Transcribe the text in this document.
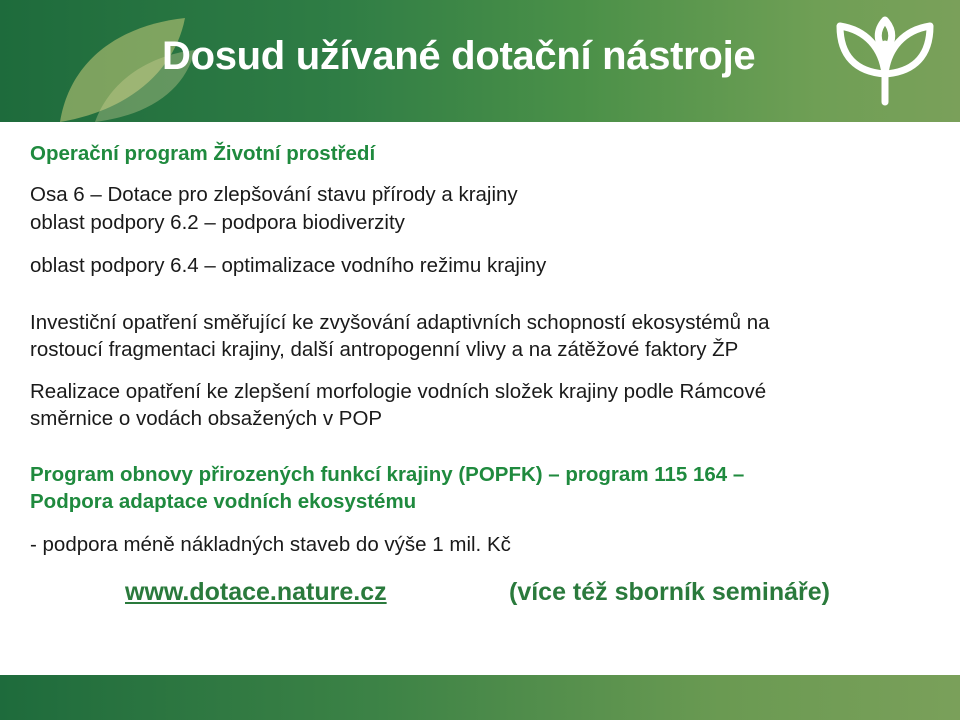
Dosud užívané dotační nástroje
Operační program Životní prostředí
Osa 6 – Dotace pro zlepšování stavu přírody a krajiny
oblast podpory 6.2 – podpora biodiverzity
oblast podpory 6.4 – optimalizace vodního režimu krajiny
Investiční opatření směřující ke zvyšování adaptivních schopností ekosystémů na
rostoucí fragmentaci krajiny, další antropogenní vlivy a na zátěžové faktory ŽP
Realizace opatření ke zlepšení morfologie vodních složek krajiny podle Rámcové
směrnice o vodách obsažených v POP
Program obnovy přirozených funkcí krajiny (POPFK) – program 115 164 –
Podpora adaptace vodních ekosystému
- podpora méně nákladných staveb do výše 1 mil. Kč
www.dotace.nature.cz	(více též sborník semináře)
